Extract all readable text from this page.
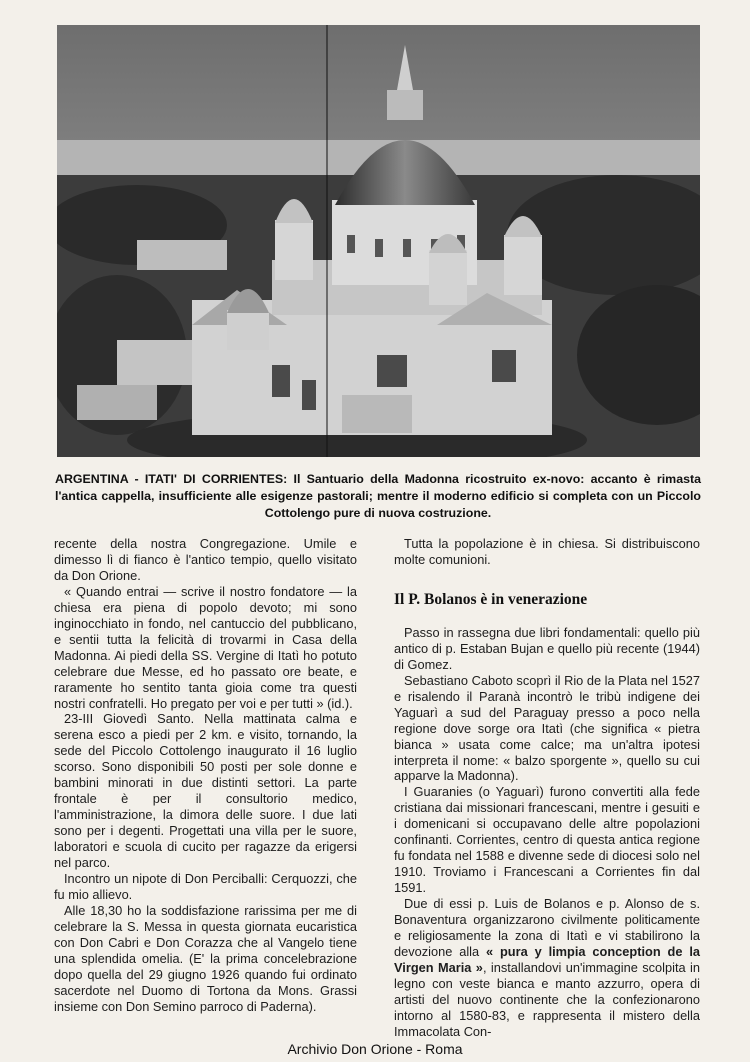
ARGENTINA - ITATI' DI CORRIENTES: Il Santuario della Madonna ricostruito ex-novo: accanto è rimasta l'antica cappella, insufficiente alle esigenze pastorali; mentre il moderno edificio si completa con un Piccolo Cottolengo pure di nuova costruzione.

recente della nostra Congregazione. Umile e dimesso lì di fianco è l'antico tempio, quello visitato da Don Orione.

« Quando entrai — scrive il nostro fondatore — la chiesa era piena di popolo devoto; mi sono inginocchiato in fondo, nel cantuccio del pubblicano, e sentii tutta la felicità di trovarmi in Casa della Madonna. Ai piedi della SS. Vergine di Itatì ho potuto celebrare due Messe, ed ho passato ore beate, e raramente ho sentito tanta gioia come tra questi nostri confratelli. Ho pregato per voi e per tutti » (id.).

23-III Giovedì Santo. Nella mattinata calma e serena esco a piedi per 2 km. e visito, tornando, la sede del Piccolo Cottolengo inaugurato il 16 luglio scorso. Sono disponibili 50 posti per sole donne e bambini minorati in due distinti settori. La parte frontale è per il consultorio medico, l'amministrazione, la dimora delle suore. I due lati sono per i degenti. Progettati una villa per le suore, laboratori e scuola di cucito per ragazze da erigersi nel parco.

Incontro un nipote di Don Perciballi: Cerquozzi, che fu mio allievo.

Alle 18,30 ho la soddisfazione rarissima per me di celebrare la S. Messa in questa giornata eucaristica con Don Cabri e Don Corazza che al Vangelo tiene una splendida omelia. (E' la prima concelebrazione dopo quella del 29 giugno 1926 quando fui ordinato sacerdote nel Duomo di Tortona da Mons. Grassi insieme con Don Semino parroco di Paderna).

Tutta la popolazione è in chiesa. Si distribuiscono molte comunioni.

Il P. Bolanos è in venerazione

Passo in rassegna due libri fondamentali: quello più antico di p. Estaban Bujan e quello più recente (1944) di Gomez.

Sebastiano Caboto scoprì il Rio de la Plata nel 1527 e risalendo il Paranà incontrò le tribù indigene dei Yaguarì a sud del Paraguay presso a poco nella regione dove sorge ora Itatì (che significa « pietra bianca » usata come calce; ma un'altra ipotesi interpreta il nome: « balzo sporgente », quello su cui apparve la Madonna).

I Guaranies (o Yaguarì) furono convertiti alla fede cristiana dai missionari francescani, mentre i gesuiti e i domenicani si occupavano delle altre popolazioni confinanti. Corrientes, centro di questa antica regione fu fondata nel 1588 e divenne sede di diocesi solo nel 1910. Troviamo i Francescani a Corrientes fin dal 1591.

Due di essi p. Luis de Bolanos e p. Alonso de s. Bonaventura organizzarono civilmente politicamente e religiosamente la zona di Itatì e vi stabilirono la devozione alla « pura y limpia conception de la Virgen Maria », installandovi un'immagine scolpita in legno con veste bianca e manto azzurro, opera di artisti del nuovo continente che la confezionarono intorno al 1580-83, e rappresenta il mistero della Immacolata Con-

Archivio Don Orione - Roma
